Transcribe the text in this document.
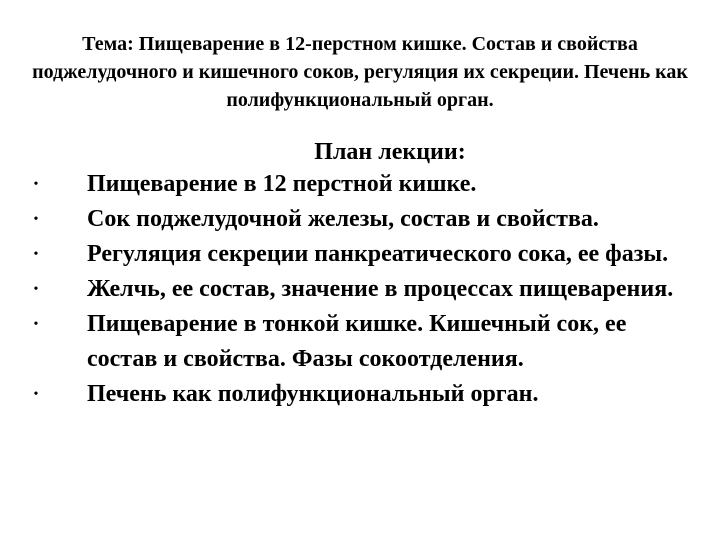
Тема: Пищеварение в 12-перстном кишке. Состав и свойства поджелудочного и кишечного соков, регуляция их секреции. Печень как полифункциональный орган.
План лекции:
• Пищеварение в 12 перстной кишке.
• Сок поджелудочной железы, состав и свойства.
• Регуляция секреции панкреатического сока, ее фазы.
• Желчь, ее состав, значение в процессах пищеварения.
• Пищеварение в тонкой кишке. Кишечный сок, ее состав и свойства. Фазы сокоотделения.
• Печень как полифункциональный орган.
